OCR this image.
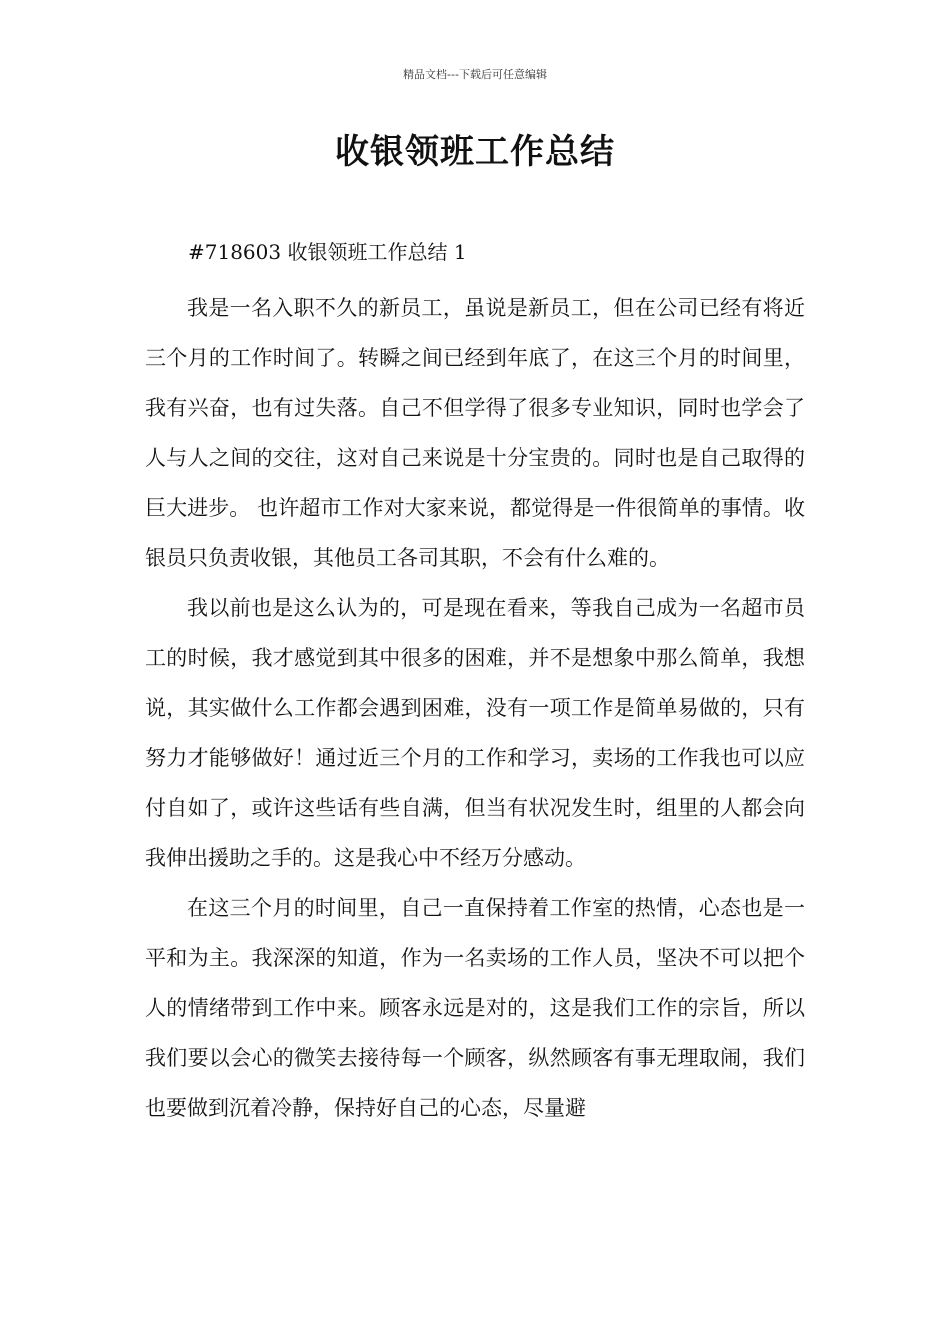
精品文档---下载后可任意编辑
收银领班工作总结

#718603 收银领班工作总结 1

我是一名入职不久的新员工，虽说是新员工，但在公司已经有将近三个月的工作时间了。转瞬之间已经到年底了，在这三个月的时间里，我有兴奋，也有过失落。自己不但学得了很多专业知识，同时也学会了人与人之间的交往，这对自己来说是十分宝贵的。同时也是自己取得的巨大进步。 也许超市工作对大家来说，都觉得是一件很简单的事情。收银员只负责收银，其他员工各司其职，不会有什么难的。

我以前也是这么认为的，可是现在看来，等我自己成为一名超市员工的时候，我才感觉到其中很多的困难，并不是想象中那么简单，我想说，其实做什么工作都会遇到困难，没有一项工作是简单易做的，只有努力才能够做好！通过近三个月的工作和学习，卖场的工作我也可以应付自如了，或许这些话有些自满，但当有状况发生时，组里的人都会向我伸出援助之手的。这是我心中不经万分感动。

在这三个月的时间里，自己一直保持着工作室的热情，心态也是一平和为主。我深深的知道，作为一名卖场的工作人员，坚决不可以把个人的情绪带到工作中来。顾客永远是对的，这是我们工作的宗旨，所以我们要以会心的微笑去接待每一个顾客，纵然顾客有事无理取闹，我们也要做到沉着冷静，保持好自己的心态，尽量避
